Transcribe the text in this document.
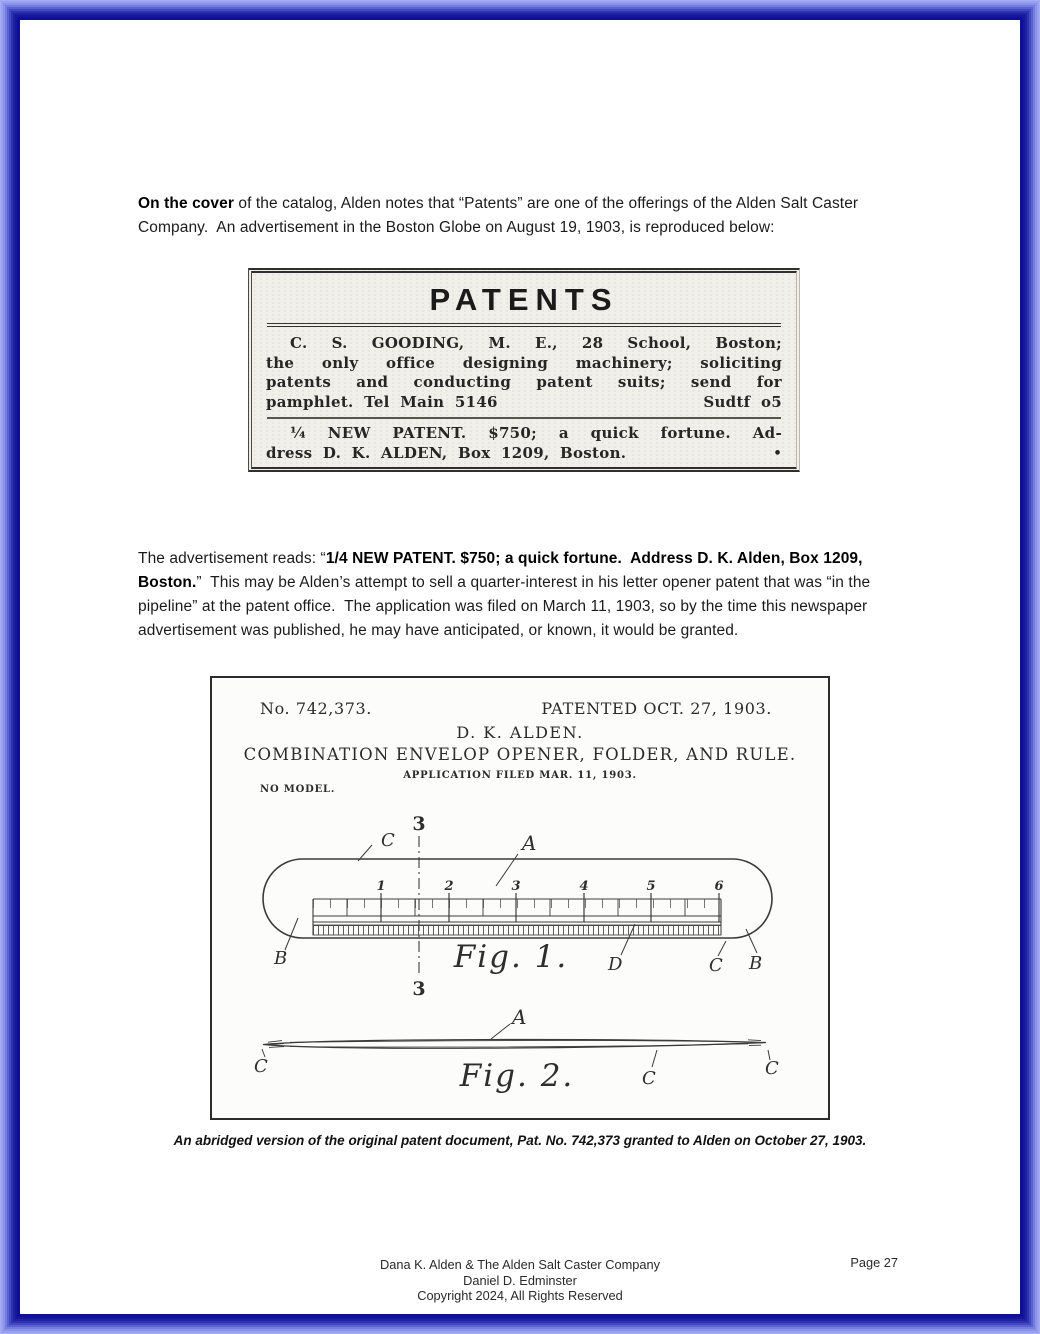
On the cover of the catalog, Alden notes that “Patents” are one of the offerings of the Alden Salt Caster Company.  An advertisement in the Boston Globe on August 19, 1903, is reproduced below:

PATENTS
C. S. GOODING, M. E., 28 School, Boston;
the only office designing machinery; soliciting
patents and conducting patent suits; send for
pamphlet. Tel Main 5146	Sudtf o5
¼ NEW PATENT. $750; a quick fortune. Ad-
dress D. K. ALDEN, Box 1209, Boston.	•

The advertisement reads: “1/4 NEW PATENT. $750; a quick fortune.  Address D. K. Alden, Box 1209, Boston.”  This may be Alden’s attempt to sell a quarter-interest in his letter opener patent that was “in the pipeline” at the patent office.  The application was filed on March 11, 1903, so by the time this newspaper advertisement was published, he may have anticipated, or known, it would be granted.

No. 742,373.	PATENTED OCT. 27, 1903.
D. K. ALDEN.
COMBINATION ENVELOP OPENER, FOLDER, AND RULE.
APPLICATION FILED MAR. 11, 1903.
NO MODEL.
3
3
1	2	3	4	5	6
C	A
B	D	C B
Fig. 1.
A
C
C	C
Fig. 2.
An abridged version of the original patent document, Pat. No. 742,373 granted to Alden on October 27, 1903.
Dana K. Alden & The Alden Salt Caster Company
Daniel D. Edminster
Copyright 2024, All Rights Reserved
Page 27
